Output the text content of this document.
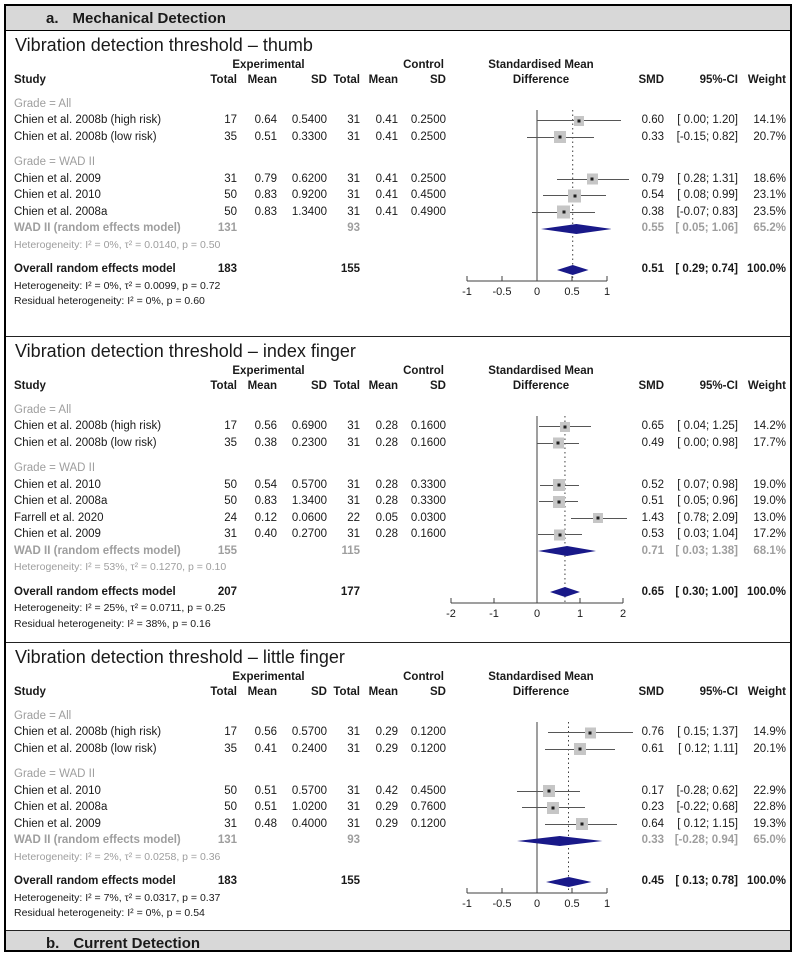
a. Mechanical Detection
-1 -0.5 0 0.5 1
Vibration detection threshold – thumb
Experimental	Control	Standardised Mean
Study	Total Mean	SD Total Mean	SD	Difference	SMD	95%-CI Weight
Grade = All
Chien et al. 2008b (high risk)	17	0.64	0.5400	31	0.41	0.2500	0.60	[ 0.00; 1.20]	14.1%
Chien et al. 2008b (low risk)	35	0.51	0.3300	31	0.41	0.2500	0.33	[-0.15; 0.82]	20.7%
Grade = WAD II
Chien et al. 2009	31	0.79	0.6200	31	0.41	0.2500	0.79	[ 0.28; 1.31]	18.6%
Chien et al. 2010	50	0.83	0.9200	31	0.41	0.4500	0.54	[ 0.08; 0.99]	23.1%
Chien et al. 2008a	50	0.83	1.3400	31	0.41	0.4900	0.38	[-0.07; 0.83]	23.5%
WAD II (random effects model)	131	93	0.55 [ 0.05; 1.06]	65.2%
Heterogeneity: I² = 0%, τ² = 0.0140, p = 0.50
Overall random effects model	183	155	0.51 [ 0.29; 0.74] 100.0%
Heterogeneity: I² = 0%, τ² = 0.0099, p = 0.72
Residual heterogeneity: I² = 0%, p = 0.60
-2	-1	0	1	2
Vibration detection threshold – index finger
Experimental	Control	Standardised Mean
Study	Total Mean	SD Total Mean	SD	Difference	SMD	95%-CI Weight
Grade = All
Chien et al. 2008b (high risk)	17	0.56	0.6900	31	0.28	0.1600	0.65	[ 0.04; 1.25]	14.2%
Chien et al. 2008b (low risk)	35	0.38	0.2300	31	0.28	0.1600	0.49	[ 0.00; 0.98]	17.7%
Grade = WAD II
Chien et al. 2010	50	0.54	0.5700	31	0.28	0.3300	0.52	[ 0.07; 0.98]	19.0%
Chien et al. 2008a	50	0.83	1.3400	31	0.28	0.3300	0.51	[ 0.05; 0.96]	19.0%
Farrell et al. 2020	24	0.12	0.0600	22	0.05	0.0300	1.43	[ 0.78; 2.09]	13.0%
Chien et al. 2009	31	0.40	0.2700	31	0.28	0.1600	0.53	[ 0.03; 1.04]	17.2%
WAD II (random effects model)	155	115	0.71 [ 0.03; 1.38]	68.1%
Heterogeneity: I² = 53%, τ² = 0.1270, p = 0.10
Overall random effects model	207	177	0.65 [ 0.30; 1.00] 100.0%
Heterogeneity: I² = 25%, τ² = 0.0711, p = 0.25
Residual heterogeneity: I² = 38%, p = 0.16
-1 -0.5 0 0.5 1
Vibration detection threshold – little finger
Experimental	Control	Standardised Mean
Study	Total Mean	SD Total Mean	SD	Difference	SMD	95%-CI Weight
Grade = All
Chien et al. 2008b (high risk)	17	0.56	0.5700	31	0.29	0.1200	0.76	[ 0.15; 1.37]	14.9%
Chien et al. 2008b (low risk)	35	0.41	0.2400	31	0.29	0.1200	0.61	[ 0.12; 1.11]	20.1%
Grade = WAD II
Chien et al. 2010	50	0.51	0.5700	31	0.42	0.4500	0.17	[-0.28; 0.62]	22.9%
Chien et al. 2008a	50	0.51	1.0200	31	0.29	0.7600	0.23	[-0.22; 0.68]	22.8%
Chien et al. 2009	31	0.48	0.4000	31	0.29	0.1200	0.64	[ 0.12; 1.15]	19.3%
WAD II (random effects model)	131	93	0.33 [-0.28; 0.94]	65.0%
Heterogeneity: I² = 2%, τ² = 0.0258, p = 0.36
Overall random effects model	183	155	0.45 [ 0.13; 0.78] 100.0%
Heterogeneity: I² = 7%, τ² = 0.0317, p = 0.37
Residual heterogeneity: I² = 0%, p = 0.54
b. Current Detection
